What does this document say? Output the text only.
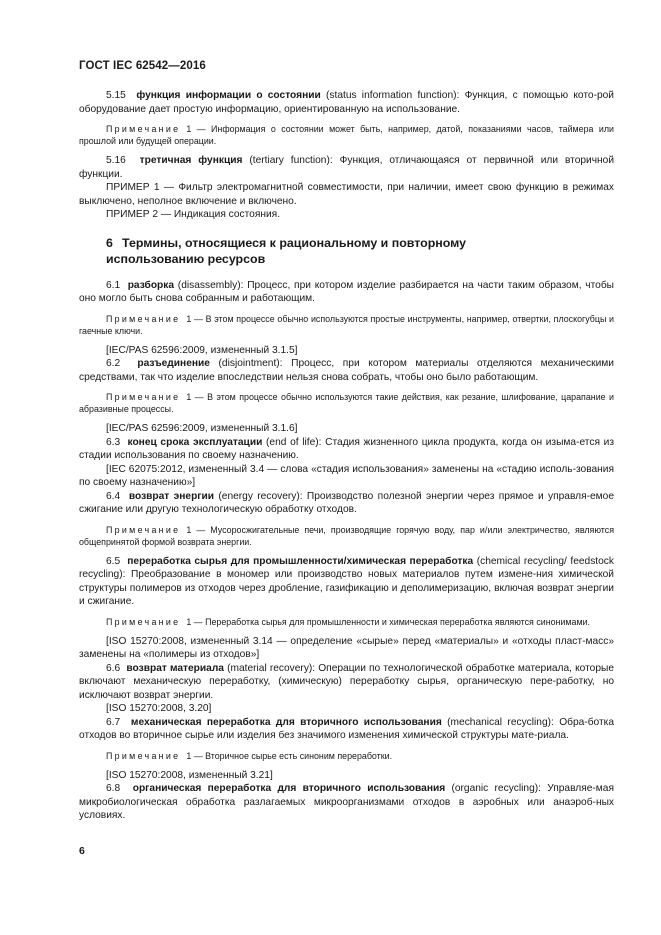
ГОСТ IEC 62542—2016

5.15 функция информации о состоянии (status information function): Функция, с помощью кото-рой оборудование дает простую информацию, ориентированную на использование.

Примечание 1 — Информация о состоянии может быть, например, датой, показаниями часов, таймера или прошлой или будущей операции.

5.16 третичная функция (tertiary function): Функция, отличающаяся от первичной или вторичной функции.

ПРИМЕР 1 — Фильтр электромагнитной совместимости, при наличии, имеет свою функцию в режимах выключено, неполное включение и включено.

ПРИМЕР 2 — Индикация состояния.

6 Термины, относящиеся к рациональному и повторному
использованию ресурсов

6.1 разборка (disassembly): Процесс, при котором изделие разбирается на части таким образом, чтобы оно могло быть снова собранным и работающим.

Примечание 1 — В этом процессе обычно используются простые инструменты, например, отвертки, плоскогубцы и гаечные ключи.

[IEC/PAS 62596:2009, измененный 3.1.5]

6.2 разъединение (disjointment): Процесс, при котором материалы отделяются механическими средствами, так что изделие впоследствии нельзя снова собрать, чтобы оно было работающим.

Примечание 1 — В этом процессе обычно используются такие действия, как резание, шлифование, царапание и абразивные процессы.

[IEC/PAS 62596:2009, измененный 3.1.6]

6.3 конец срока эксплуатации (end of life): Стадия жизненного цикла продукта, когда он изыма-ется из стадии использования по своему назначению.

[IEC 62075:2012, измененный 3.4 — слова «стадия использования» заменены на «стадию исполь-зования по своему назначению»]

6.4 возврат энергии (energy recovery): Производство полезной энергии через прямое и управля-емое сжигание или другую технологическую обработку отходов.

Примечание 1 — Мусоросжигательные печи, производящие горячую воду, пар и/или электричество, являются общепринятой формой возврата энергии.

6.5 переработка сырья для промышленности/химическая переработка (chemical recycling/ feedstock recycling): Преобразование в мономер или производство новых материалов путем измене-ния химической структуры полимеров из отходов через дробление, газификацию и деполимеризацию, включая возврат энергии и сжигание.

Примечание 1 — Переработка сырья для промышленности и химическая переработка являются синонимами.

[ISO 15270:2008, измененный 3.14 — определение «сырые» перед «материалы» и «отходы пласт-масс» заменены на «полимеры из отходов»]

6.6 возврат материала (material recovery): Операции по технологической обработке материала, которые включают механическую переработку, (химическую) переработку сырья, органическую пере-работку, но исключают возврат энергии.

[ISO 15270:2008, 3.20]

6.7 механическая переработка для вторичного использования (mechanical recycling): Обра-ботка отходов во вторичное сырье или изделия без значимого изменения химической структуры мате-риала.

Примечание 1 — Вторичное сырье есть синоним переработки.

[ISO 15270:2008, измененный 3.21]

6.8 органическая переработка для вторичного использования (organic recycling): Управляе-мая микробиологическая обработка разлагаемых микроорганизмами отходов в аэробных или анаэроб-ных условиях.

6
